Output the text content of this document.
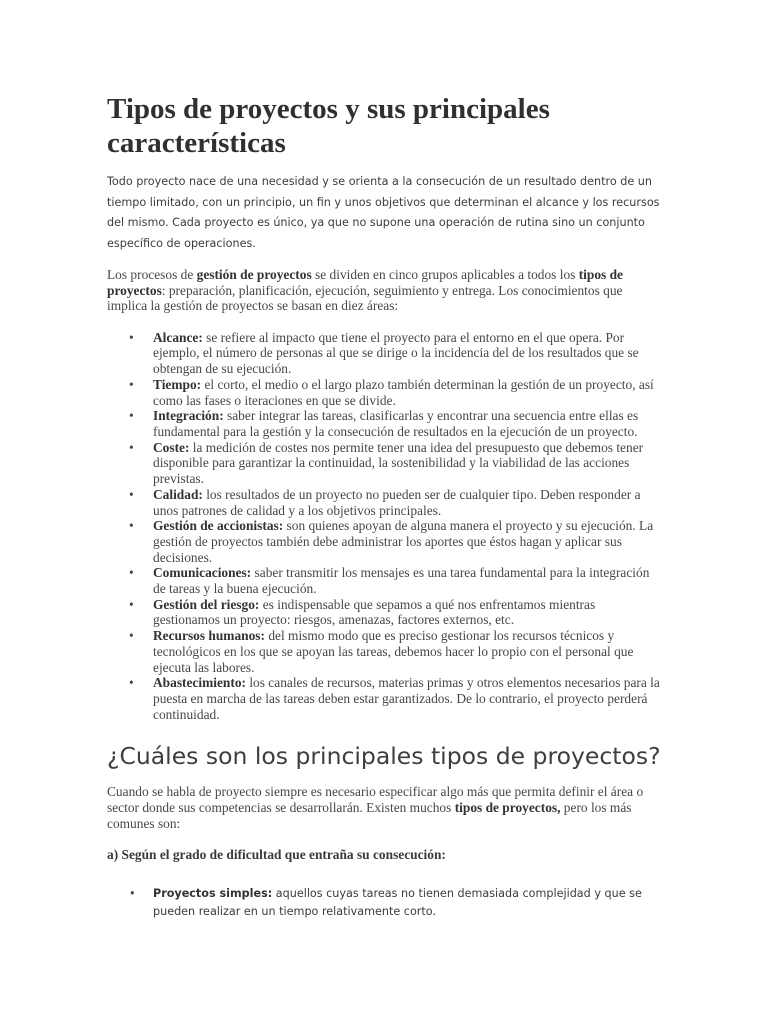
Tipos de proyectos y sus principales características

Todo proyecto nace de una necesidad y se orienta a la consecución de un resultado dentro de un tiempo limitado, con un principio, un fin y unos objetivos que determinan el alcance y los recursos del mismo. Cada proyecto es único, ya que no supone una operación de rutina sino un conjunto específico de operaciones.

Los procesos de gestión de proyectos se dividen en cinco grupos aplicables a todos los tipos de proyectos: preparación, planificación, ejecución, seguimiento y entrega. Los conocimientos que implica la gestión de proyectos se basan en diez áreas:

• Alcance: se refiere al impacto que tiene el proyecto para el entorno en el que opera. Por ejemplo, el número de personas al que se dirige o la incidencia del de los resultados que se obtengan de su ejecución.
• Tiempo: el corto, el medio o el largo plazo también determinan la gestión de un proyecto, así como las fases o iteraciones en que se divide.
• Integración: saber integrar las tareas, clasificarlas y encontrar una secuencia entre ellas es fundamental para la gestión y la consecución de resultados en la ejecución de un proyecto.
• Coste: la medición de costes nos permite tener una idea del presupuesto que debemos tener disponible para garantizar la continuidad, la sostenibilidad y la viabilidad de las acciones previstas.
• Calidad: los resultados de un proyecto no pueden ser de cualquier tipo. Deben responder a unos patrones de calidad y a los objetivos principales.
• Gestión de accionistas: son quienes apoyan de alguna manera el proyecto y su ejecución. La gestión de proyectos también debe administrar los aportes que éstos hagan y aplicar sus decisiones.
• Comunicaciones: saber transmitir los mensajes es una tarea fundamental para la integración de tareas y la buena ejecución.
• Gestión del riesgo: es indispensable que sepamos a qué nos enfrentamos mientras gestionamos un proyecto: riesgos, amenazas, factores externos, etc.
• Recursos humanos: del mismo modo que es preciso gestionar los recursos técnicos y tecnológicos en los que se apoyan las tareas, debemos hacer lo propio con el personal que ejecuta las labores.
• Abastecimiento: los canales de recursos, materias primas y otros elementos necesarios para la puesta en marcha de las tareas deben estar garantizados. De lo contrario, el proyecto perderá continuidad.
¿Cuáles son los principales tipos de proyectos?

Cuando se habla de proyecto siempre es necesario especificar algo más que permita definir el área o sector donde sus competencias se desarrollarán. Existen muchos tipos de proyectos, pero los más comunes son:

a) Según el grado de dificultad que entraña su consecución:

• Proyectos simples: aquellos cuyas tareas no tienen demasiada complejidad y que se pueden realizar en un tiempo relativamente corto.
